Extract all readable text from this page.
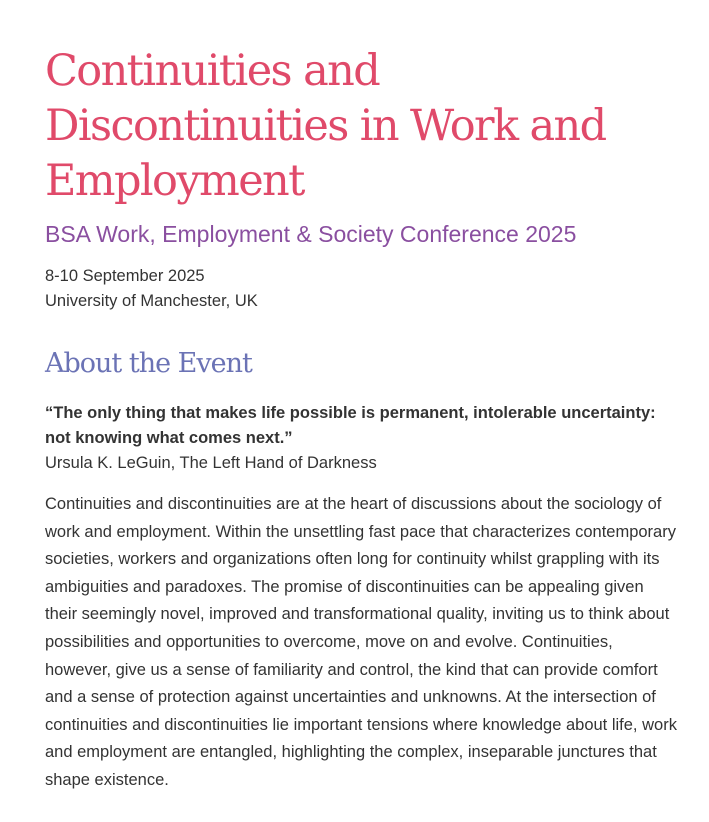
Continuities and Discontinuities in Work and Employment
BSA Work, Employment & Society Conference 2025
8-10 September 2025
University of Manchester, UK
About the Event

“The only thing that makes life possible is permanent, intolerable uncertainty: not knowing what comes next.”

Ursula K. LeGuin, The Left Hand of Darkness

Continuities and discontinuities are at the heart of discussions about the sociology of work and employment. Within the unsettling fast pace that characterizes contemporary societies, workers and organizations often long for continuity whilst grappling with its ambiguities and paradoxes. The promise of discontinuities can be appealing given their seemingly novel, improved and transformational quality, inviting us to think about possibilities and opportunities to overcome, move on and evolve. Continuities, however, give us a sense of familiarity and control, the kind that can provide comfort and a sense of protection against uncertainties and unknowns. At the intersection of continuities and discontinuities lie important tensions where knowledge about life, work and employment are entangled, highlighting the complex, inseparable junctures that shape existence.
